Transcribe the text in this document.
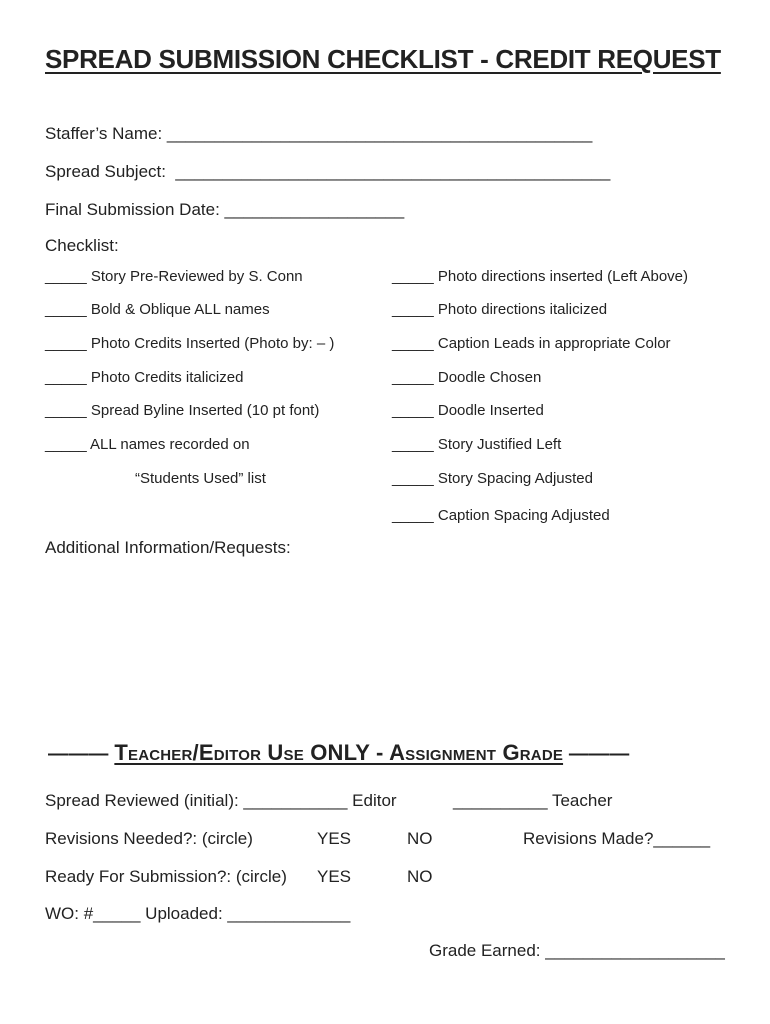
SPREAD SUBMISSION CHECKLIST - CREDIT REQUEST
Staffer’s Name: _____________________________________________
Spread Subject:  ______________________________________________
Final Submission Date: ___________________
Checklist:
_____ Story Pre-Reviewed by S. Conn
_____ Bold & Oblique ALL names
_____ Photo Credits Inserted (Photo by: – )
_____ Photo Credits italicized
_____ Spread Byline Inserted (10 pt font)
_____ ALL names recorded on
“Students Used” list
_____ Photo directions inserted (Left Above)
_____ Photo directions italicized
_____ Caption Leads in appropriate Color
_____ Doodle Chosen
_____ Doodle Inserted
_____ Story Justified Left
_____ Story Spacing Adjusted
_____ Caption Spacing Adjusted
Additional Information/Requests:
——— Teacher/Editor Use ONLY - Assignment Grade ———
Spread Reviewed (initial): ___________ Editor	__________ Teacher
Revisions Needed?: (circle)	YES	NO	Revisions Made?______
Ready For Submission?: (circle) YES	NO
WO: #_____ Uploaded: _____________
Grade Earned: ___________________
